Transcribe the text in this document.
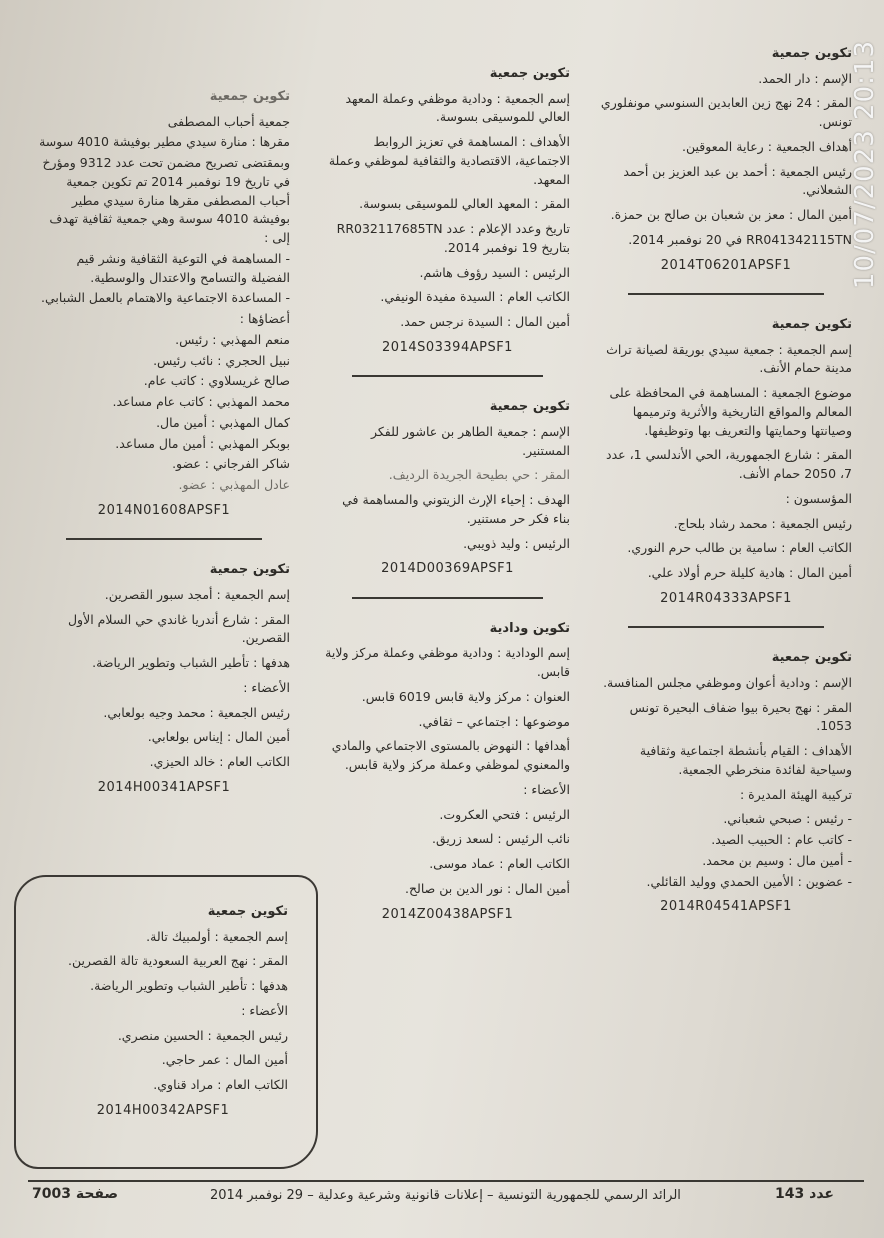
10/07/2023 20:13
تكوين جمعية
الإسم : دار الحمد.
المقر : 24 نهج زين العابدين السنوسي مونفلوري تونس.
أهداف الجمعية : رعاية المعوقين.
رئيس الجمعية : أحمد بن عبد العزيز بن أحمد الشعلاني.
أمين المال : معز بن شعبان بن صالح بن حمزة.
RR041342115TN في 20 نوفمبر 2014.
2014T06201APSF1
تكوين جمعية
إسم الجمعية : جمعية سيدي بوريقة لصيانة تراث مدينة حمام الأنف.
موضوع الجمعية : المساهمة في المحافظة على المعالم والمواقع التاريخية والأثرية وترميمها وصيانتها وحمايتها والتعريف بها وتوظيفها.
المقر : شارع الجمهورية، الحي الأندلسي 1، عدد 7، 2050 حمام الأنف.
المؤسسون :
رئيس الجمعية : محمد رشاد بلحاج.
الكاتب العام : سامية بن طالب حرم النوري.
أمين المال : هادية كليلة حرم أولاد علي.
2014R04333APSF1
تكوين جمعية
الإسم : ودادية أعوان وموظفي مجلس المنافسة.
المقر : نهج بحيرة بيوا ضفاف البحيرة تونس 1053.
الأهداف : القيام بأنشطة اجتماعية وثقافية وسياحية لفائدة منخرطي الجمعية.
تركيبة الهيئة المديرة :
- رئيس : صبحي شعباني.
- كاتب عام : الحبيب الصيد.
- أمين مال : وسيم بن محمد.
- عضوين : الأمين الحمدي ووليد القائلي.
2014R04541APSF1
تكوين جمعية
إسم الجمعية : ودادية موظفي وعملة المعهد العالي للموسيقى بسوسة.
الأهداف : المساهمة في تعزيز الروابط الاجتماعية، الاقتصادية والثقافية لموظفي وعملة المعهد.
المقر : المعهد العالي للموسيقى بسوسة.
تاريخ وعدد الإعلام : عدد RR032117685TN بتاريخ 19 نوفمبر 2014.
الرئيس : السيد رؤوف هاشم.
الكاتب العام : السيدة مفيدة الونيفي.
أمين المال : السيدة نرجس حمد.
2014S03394APSF1
تكوين جمعية
الإسم : جمعية الطاهر بن عاشور للفكر المستنير.
المقر : حي بطيحة الجريدة الرديف.
الهدف : إحياء الإرث الزيتوني والمساهمة في بناء فكر حر مستنير.
الرئيس : وليد ذويبي.
2014D00369APSF1
تكوين ودادية
إسم الودادية : ودادية موظفي وعملة مركز ولاية قابس.
العنوان : مركز ولاية قابس 6019 قابس.
موضوعها : اجتماعي – ثقافي.
أهدافها : النهوض بالمستوى الاجتماعي والمادي والمعنوي لموظفي وعملة مركز ولاية قابس.
الأعضاء :
الرئيس : فتحي العكروت.
نائب الرئيس : لسعد زريق.
الكاتب العام : عماد موسى.
أمين المال : نور الدين بن صالح.
2014Z00438APSF1
تكوين جمعية
جمعية أحباب المصطفى
مقرها : منارة سيدي مطير بوفيشة 4010 سوسة
وبمقتضى تصريح مضمن تحت عدد 9312 ومؤرخ في تاريخ 19 نوفمبر 2014 تم تكوين جمعية أحباب المصطفى مقرها منارة سيدي مطير بوفيشة 4010 سوسة وهي جمعية ثقافية تهدف إلى :
- المساهمة في التوعية الثقافية ونشر قيم الفضيلة والتسامح والاعتدال والوسطية.
- المساعدة الاجتماعية والاهتمام بالعمل الشبابي.
أعضاؤها :
منعم المهذبي : رئيس.
نبيل الحجري : نائب رئيس.
صالح غريسلاوي : كاتب عام.
محمد المهذبي : كاتب عام مساعد.
كمال المهذبي : أمين مال.
بوبكر المهذبي : أمين مال مساعد.
شاكر الفرجاني : عضو.
عادل المهذبي : عضو.
2014N01608APSF1
تكوين جمعية
إسم الجمعية : أمجد سبور القصرين.
المقر : شارع أندريا غاندي حي السلام الأول القصرين.
هدفها : تأطير الشباب وتطوير الرياضة.
الأعضاء :
رئيس الجمعية : محمد وجيه بولعابي.
أمين المال : إيناس بولعابي.
الكاتب العام : خالد الحيزي.
2014H00341APSF1
تكوين جمعية
إسم الجمعية : أولمبيك تالة.
المقر : نهج العربية السعودية تالة القصرين.
هدفها : تأطير الشباب وتطوير الرياضة.
الأعضاء :
رئيس الجمعية : الحسين منصري.
أمين المال : عمر حاجي.
الكاتب العام : مراد قناوي.
2014H00342APSF1
عدد 143
الرائد الرسمي للجمهورية التونسية – إعلانات قانونية وشرعية وعدلية – 29 نوفمبر 2014
صفحة 7003
